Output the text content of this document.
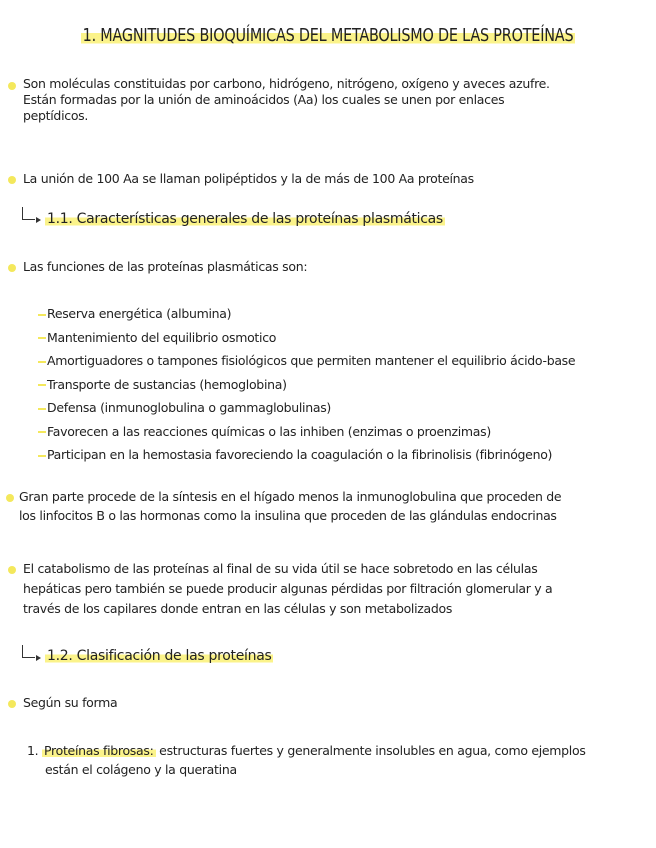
1. MAGNITUDES BIOQUÍMICAS DEL METABOLISMO DE LAS PROTEÍNAS
Son moléculas constituidas por carbono, hidrógeno, nitrógeno, oxígeno y aveces azufre.
Están formadas por la unión de aminoácidos (Aa) los cuales se unen por enlaces
peptídicos.
La unión de 100 Aa se llaman polipéptidos y la de más de 100 Aa proteínas
1.1. Características generales de las proteínas plasmáticas
Las funciones de las proteínas plasmáticas son:
Reserva energética (albumina)
Mantenimiento del equilibrio osmotico
Amortiguadores o tampones fisiológicos que permiten mantener el equilibrio ácido-base
Transporte de sustancias (hemoglobina)
Defensa (inmunoglobulina o gammaglobulinas)
Favorecen a las reacciones químicas o las inhiben (enzimas o proenzimas)
Participan en la hemostasia favoreciendo la coagulación o la fibrinolisis (fibrinógeno)
Gran parte procede de la síntesis en el hígado menos la inmunoglobulina que proceden de
los linfocitos B o las hormonas como la insulina que proceden de las glándulas endocrinas
El catabolismo de las proteínas al final de su vida útil se hace sobretodo en las células
hepáticas pero también se puede producir algunas pérdidas por filtración glomerular y a
través de los capilares donde entran en las células y son metabolizados
1.2. Clasificación de las proteínas
Según su forma
1. Proteínas fibrosas: estructuras fuertes y generalmente insolubles en agua, como ejemplos
están el colágeno y la queratina
